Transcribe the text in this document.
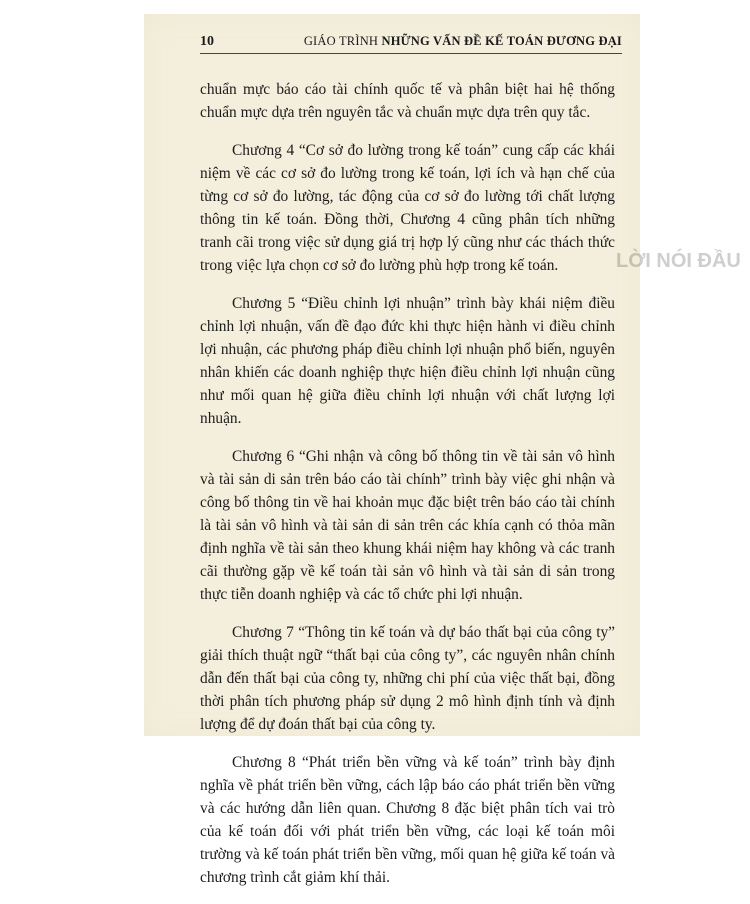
10	GIÁO TRÌNH NHỮNG VẤN ĐỀ KẾ TOÁN ĐƯƠNG ĐẠI
LỜI NÓI ĐẦU

chuẩn mực báo cáo tài chính quốc tế và phân biệt hai hệ thống chuẩn mực dựa trên nguyên tắc và chuẩn mực dựa trên quy tắc.

Chương 4 “Cơ sở đo lường trong kế toán” cung cấp các khái niệm về các cơ sở đo lường trong kế toán, lợi ích và hạn chế của từng cơ sở đo lường, tác động của cơ sở đo lường tới chất lượng thông tin kế toán. Đồng thời, Chương 4 cũng phân tích những tranh cãi trong việc sử dụng giá trị hợp lý cũng như các thách thức trong việc lựa chọn cơ sở đo lường phù hợp trong kế toán.

Chương 5 “Điều chỉnh lợi nhuận” trình bày khái niệm điều chỉnh lợi nhuận, vấn đề đạo đức khi thực hiện hành vi điều chỉnh lợi nhuận, các phương pháp điều chỉnh lợi nhuận phổ biến, nguyên nhân khiến các doanh nghiệp thực hiện điều chỉnh lợi nhuận cũng như mối quan hệ giữa điều chỉnh lợi nhuận với chất lượng lợi nhuận.

Chương 6 “Ghi nhận và công bố thông tin về tài sản vô hình và tài sản di sản trên báo cáo tài chính” trình bày việc ghi nhận và công bố thông tin về hai khoản mục đặc biệt trên báo cáo tài chính là tài sản vô hình và tài sản di sản trên các khía cạnh có thỏa mãn định nghĩa về tài sản theo khung khái niệm hay không và các tranh cãi thường gặp về kế toán tài sản vô hình và tài sản di sản trong thực tiễn doanh nghiệp và các tổ chức phi lợi nhuận.

Chương 7 “Thông tin kế toán và dự báo thất bại của công ty” giải thích thuật ngữ “thất bại của công ty”, các nguyên nhân chính dẫn đến thất bại của công ty, những chi phí của việc thất bại, đồng thời phân tích phương pháp sử dụng 2 mô hình định tính và định lượng để dự đoán thất bại của công ty.

Chương 8 “Phát triển bền vững và kế toán” trình bày định nghĩa về phát triển bền vững, cách lập báo cáo phát triển bền vững và các hướng dẫn liên quan. Chương 8 đặc biệt phân tích vai trò của kế toán đối với phát triển bền vững, các loại kế toán môi trường và kế toán phát triển bền vững, mối quan hệ giữa kế toán và chương trình cắt giảm khí thải.
